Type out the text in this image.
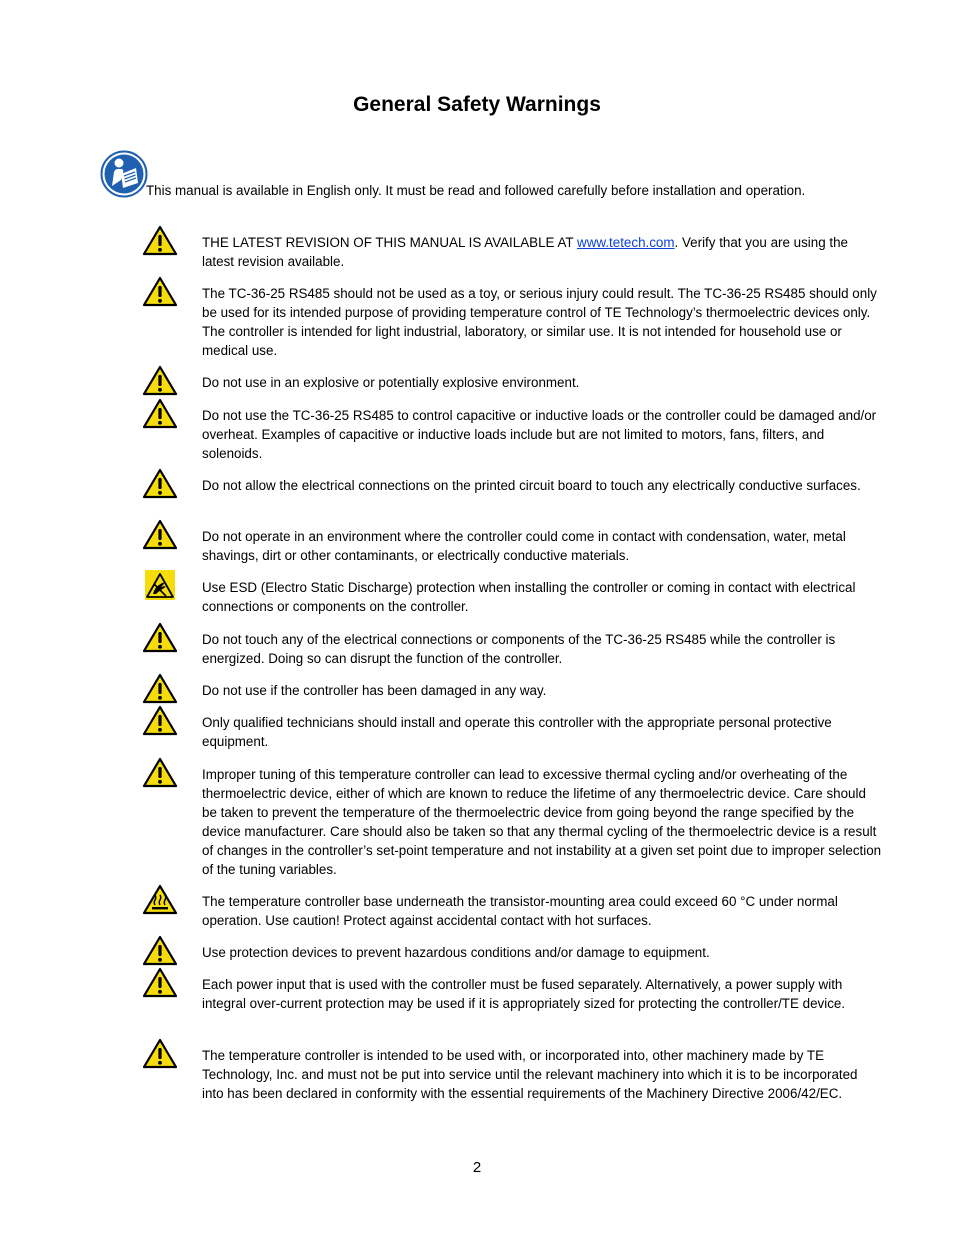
General Safety Warnings
This manual is available in English only. It must be read and followed carefully before installation and operation.
THE LATEST REVISION OF THIS MANUAL IS AVAILABLE AT www.tetech.com. Verify that you are using the latest revision available.
The TC-36-25 RS485 should not be used as a toy, or serious injury could result. The TC-36-25 RS485 should only be used for its intended purpose of providing temperature control of TE Technology’s thermoelectric devices only. The controller is intended for light industrial, laboratory, or similar use. It is not intended for household use or medical use.
Do not use in an explosive or potentially explosive environment.
Do not use the TC-36-25 RS485 to control capacitive or inductive loads or the controller could be damaged and/or overheat. Examples of capacitive or inductive loads include but are not limited to motors, fans, filters, and solenoids.
Do not allow the electrical connections on the printed circuit board to touch any electrically conductive surfaces.
Do not operate in an environment where the controller could come in contact with condensation, water, metal shavings, dirt or other contaminants, or electrically conductive materials.
Use ESD (Electro Static Discharge) protection when installing the controller or coming in contact with electrical connections or components on the controller.
Do not touch any of the electrical connections or components of the TC-36-25 RS485 while the controller is energized. Doing so can disrupt the function of the controller.
Do not use if the controller has been damaged in any way.
Only qualified technicians should install and operate this controller with the appropriate personal protective equipment.
Improper tuning of this temperature controller can lead to excessive thermal cycling and/or overheating of the thermoelectric device, either of which are known to reduce the lifetime of any thermoelectric device. Care should be taken to prevent the temperature of the thermoelectric device from going beyond the range specified by the device manufacturer. Care should also be taken so that any thermal cycling of the thermoelectric device is a result of changes in the controller’s set-point temperature and not instability at a given set point due to improper selection of the tuning variables.
The temperature controller base underneath the transistor-mounting area could exceed 60 °C under normal operation. Use caution! Protect against accidental contact with hot surfaces.
Use protection devices to prevent hazardous conditions and/or damage to equipment.
Each power input that is used with the controller must be fused separately. Alternatively, a power supply with integral over-current protection may be used if it is appropriately sized for protecting the controller/TE device.
The temperature controller is intended to be used with, or incorporated into, other machinery made by TE Technology, Inc. and must not be put into service until the relevant machinery into which it is to be incorporated into has been declared in conformity with the essential requirements of the Machinery Directive 2006/42/EC.
2
